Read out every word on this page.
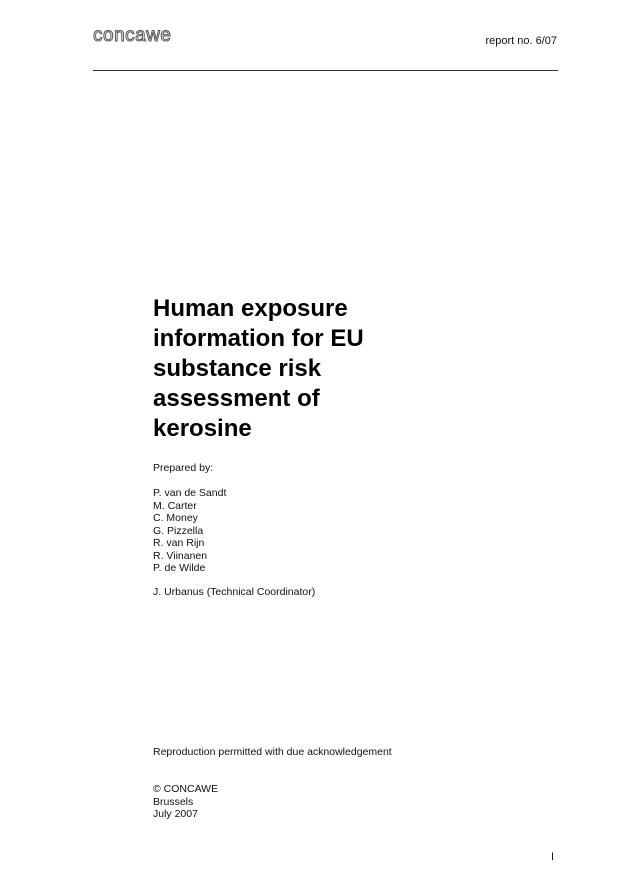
concawe	report no. 6/07
Human exposure
information for EU
substance risk
assessment of
kerosine
Prepared by:
P. van de Sandt
M. Carter
C. Money
G. Pizzella
R. van Rijn
R. Viinanen
P. de Wilde
J. Urbanus (Technical Coordinator)
Reproduction permitted with due acknowledgement
© CONCAWE
Brussels
July 2007
I
